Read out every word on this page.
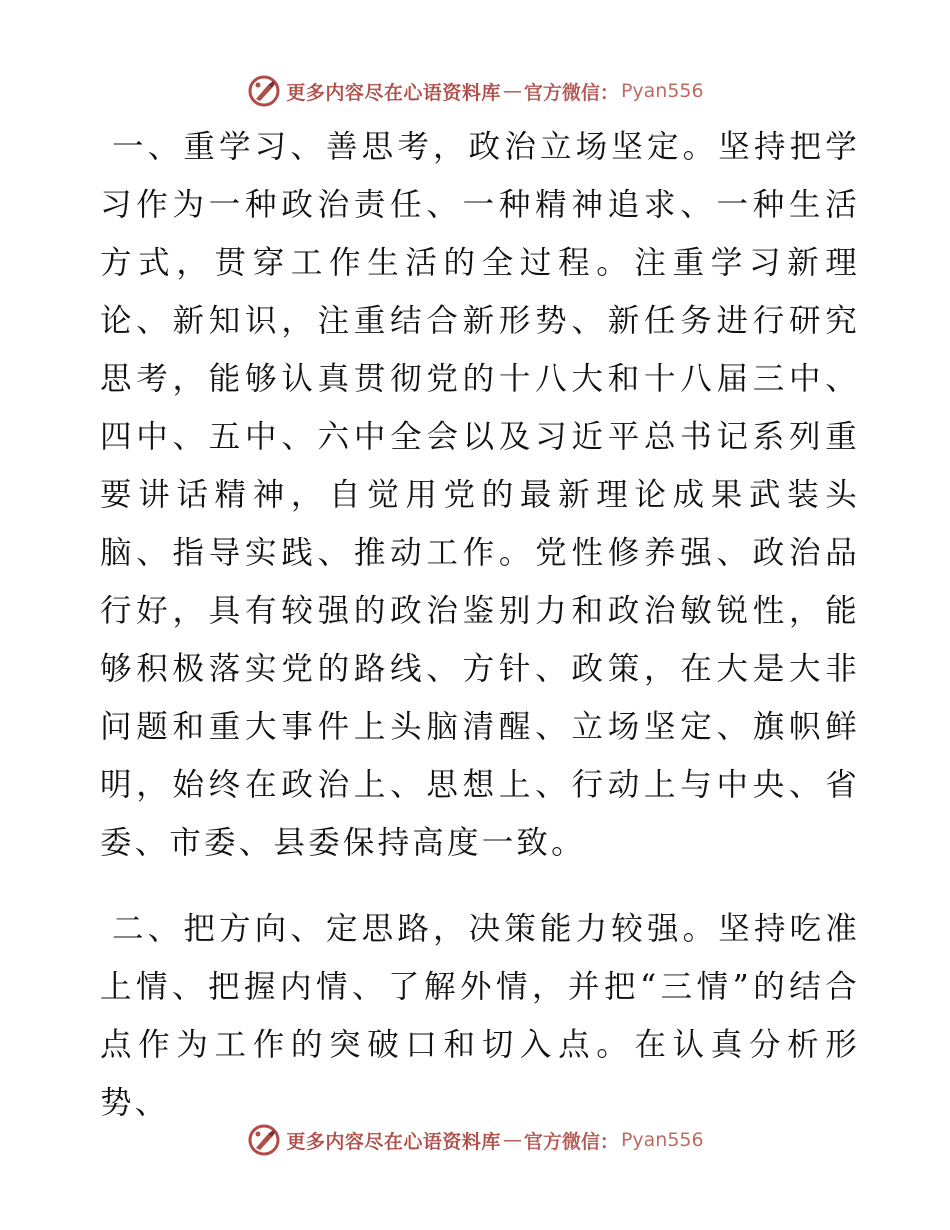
更多内容尽在心语资料库 — 官方微信： Pyan556

一、重学习、善思考，政治立场坚定。坚持把学习作为一种政治责任、一种精神追求、一种生活方式，贯穿工作生活的全过程。注重学习新理论、新知识，注重结合新形势、新任务进行研究思考，能够认真贯彻党的十八大和十八届三中、四中、五中、六中全会以及习近平总书记系列重要讲话精神，自觉用党的最新理论成果武装头脑、指导实践、推动工作。党性修养强、政治品行好，具有较强的政治鉴别力和政治敏锐性，能够积极落实党的路线、方针、政策，在大是大非问题和重大事件上头脑清醒、立场坚定、旗帜鲜明，始终在政治上、思想上、行动上与中央、省委、市委、县委保持高度一致。

二、把方向、定思路，决策能力较强。坚持吃准上情、把握内情、了解外情，并把“三情”的结合点作为工作的突破口和切入点。在认真分析形势、

更多内容尽在心语资料库 — 官方微信： Pyan556
